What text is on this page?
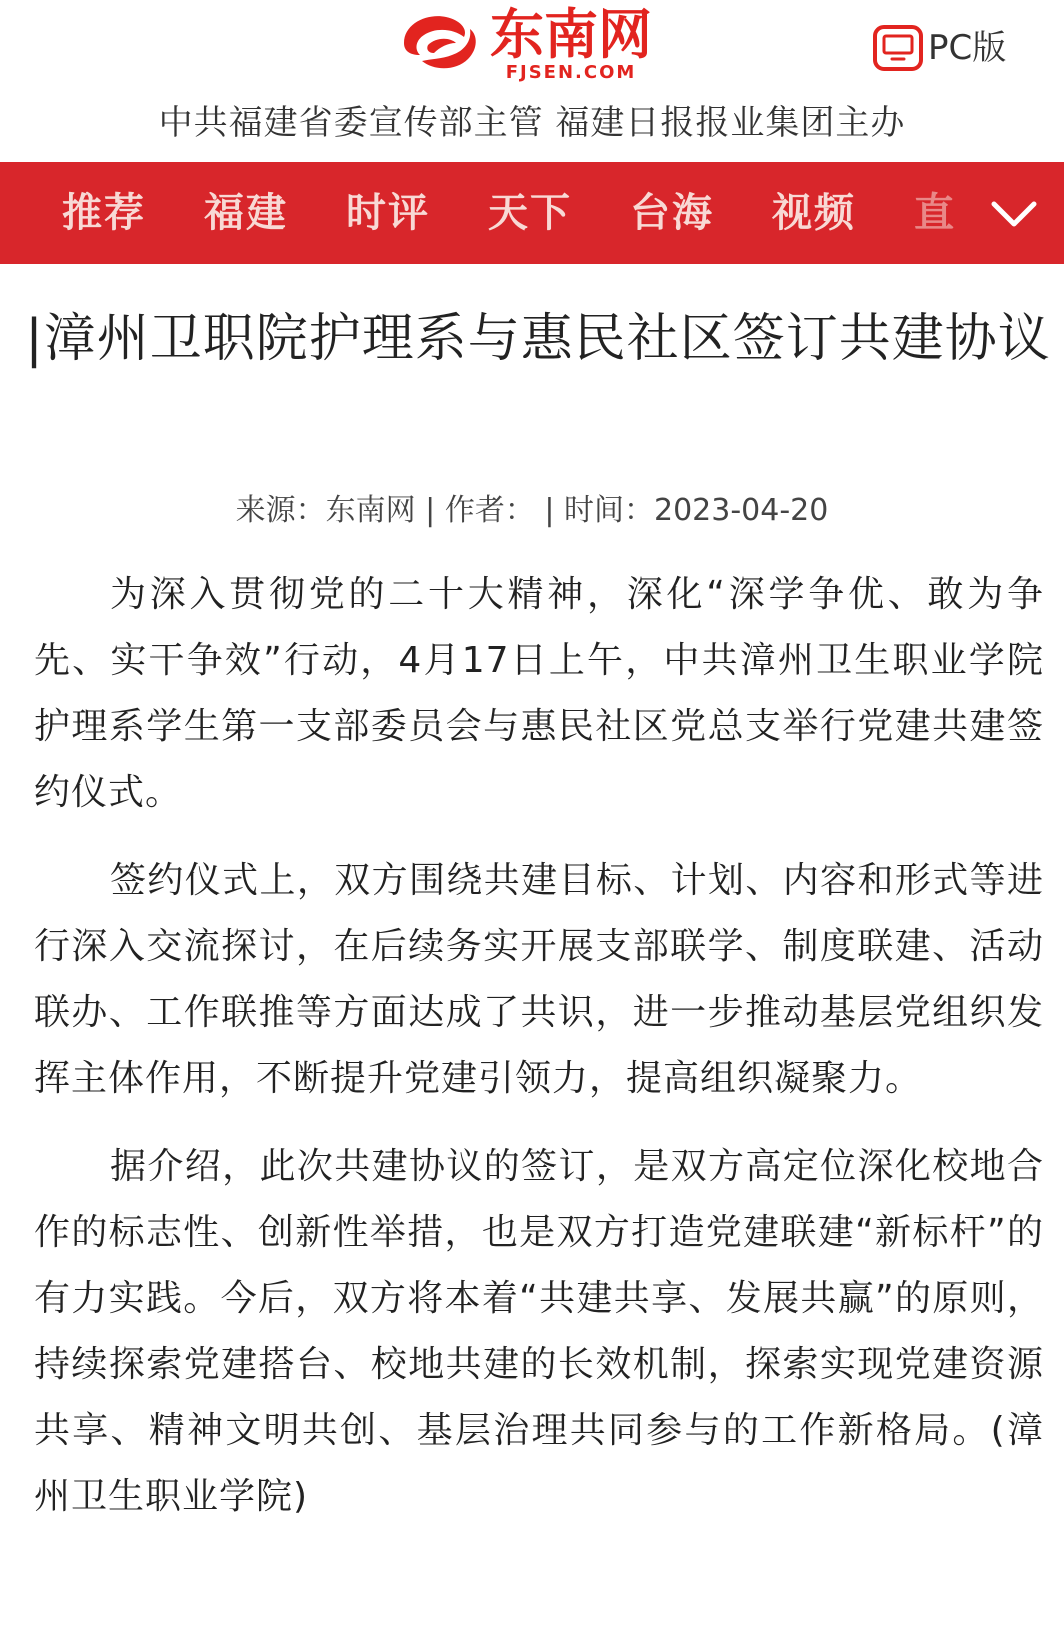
东南网
FJSEN.COM
PC版
中共福建省委宣传部主管 福建日报报业集团主办
推荐 福建 时评 天下 台海 视频 直
|漳州卫职院护理系与惠民社区签订共建协议
来源：东南网 | 作者： | 时间：2023-04-20

为深入贯彻党的二十大精神，深化“深学争优、敢为争先、实干争效”行动，4月17日上午，中共漳州卫生职业学院护理系学生第一支部委员会与惠民社区党总支举行党建共建签约仪式。

签约仪式上，双方围绕共建目标、计划、内容和形式等进行深入交流探讨，在后续务实开展支部联学、制度联建、活动联办、工作联推等方面达成了共识，进一步推动基层党组织发挥主体作用，不断提升党建引领力，提高组织凝聚力。

据介绍，此次共建协议的签订，是双方高定位深化校地合作的标志性、创新性举措，也是双方打造党建联建“新标杆”的有力实践。今后，双方将本着“共建共享、发展共赢”的原则，持续探索党建搭台、校地共建的长效机制，探索实现党建资源共享、精神文明共创、基层治理共同参与的工作新格局。(漳州卫生职业学院)
